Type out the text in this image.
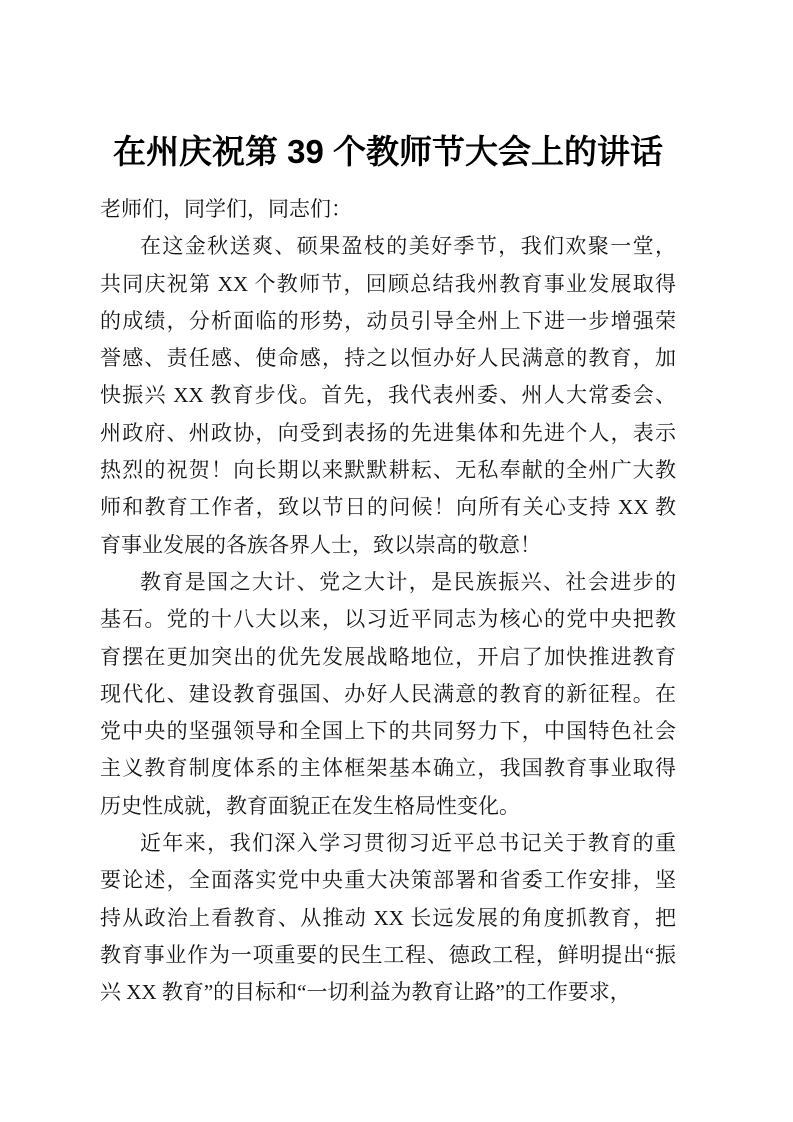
在州庆祝第 39 个教师节大会上的讲话
老师们，同学们，同志们：
在这金秋送爽、硕果盈枝的美好季节，我们欢聚一堂，
共同庆祝第 XX 个教师节，回顾总结我州教育事业发展取得
的成绩，分析面临的形势，动员引导全州上下进一步增强荣
誉感、责任感、使命感，持之以恒办好人民满意的教育，加
快振兴 XX 教育步伐。首先，我代表州委、州人大常委会、
州政府、州政协，向受到表扬的先进集体和先进个人，表示
热烈的祝贺！向长期以来默默耕耘、无私奉献的全州广大教
师和教育工作者，致以节日的问候！向所有关心支持 XX 教
育事业发展的各族各界人士，致以崇高的敬意！
教育是国之大计、党之大计，是民族振兴、社会进步的
基石。党的十八大以来，以习近平同志为核心的党中央把教
育摆在更加突出的优先发展战略地位，开启了加快推进教育
现代化、建设教育强国、办好人民满意的教育的新征程。在
党中央的坚强领导和全国上下的共同努力下，中国特色社会
主义教育制度体系的主体框架基本确立，我国教育事业取得
历史性成就，教育面貌正在发生格局性变化。
近年来，我们深入学习贯彻习近平总书记关于教育的重
要论述，全面落实党中央重大决策部署和省委工作安排，坚
持从政治上看教育、从推动 XX 长远发展的角度抓教育，把
教育事业作为一项重要的民生工程、德政工程，鲜明提出“振
兴 XX 教育”的目标和“一切利益为教育让路”的工作要求，
